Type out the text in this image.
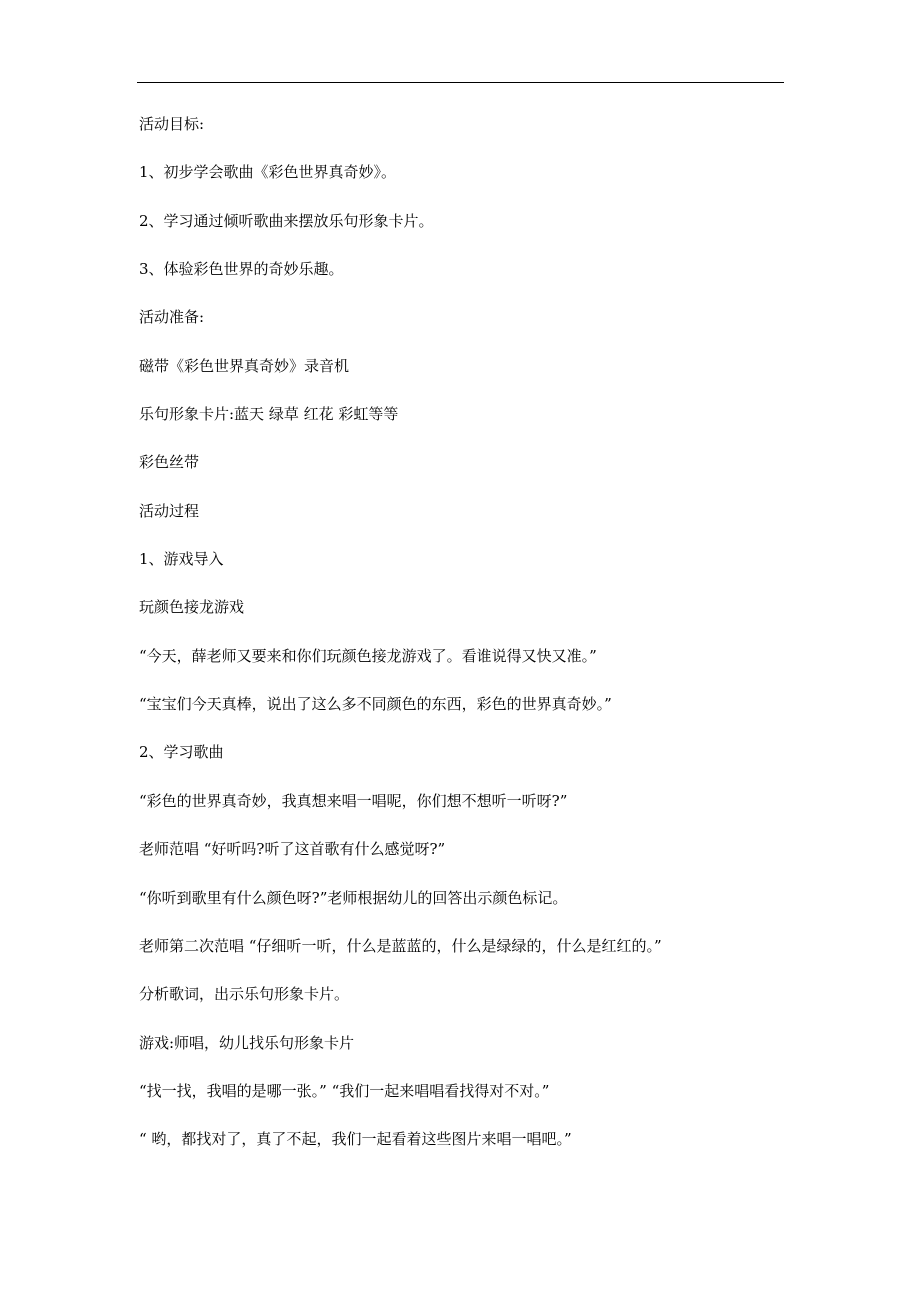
活动目标:
1、初步学会歌曲《彩色世界真奇妙》。
2、学习通过倾听歌曲来摆放乐句形象卡片。
3、体验彩色世界的奇妙乐趣。
活动准备:
磁带《彩色世界真奇妙》录音机
乐句形象卡片:蓝天 绿草 红花 彩虹等等
彩色丝带
活动过程
1、游戏导入
玩颜色接龙游戏
“今天，薛老师又要来和你们玩颜色接龙游戏了。看谁说得又快又准。”
“宝宝们今天真棒，说出了这么多不同颜色的东西，彩色的世界真奇妙。”
2、学习歌曲
“彩色的世界真奇妙，我真想来唱一唱呢，你们想不想听一听呀?”
老师范唱 “好听吗?听了这首歌有什么感觉呀?”
“你听到歌里有什么颜色呀?”老师根据幼儿的回答出示颜色标记。
老师第二次范唱 “仔细听一听，什么是蓝蓝的，什么是绿绿的，什么是红红的。”
分析歌词，出示乐句形象卡片。
游戏:师唱，幼儿找乐句形象卡片
“找一找，我唱的是哪一张。” “我们一起来唱唱看找得对不对。”
“ 哟，都找对了，真了不起，我们一起看着这些图片来唱一唱吧。”
